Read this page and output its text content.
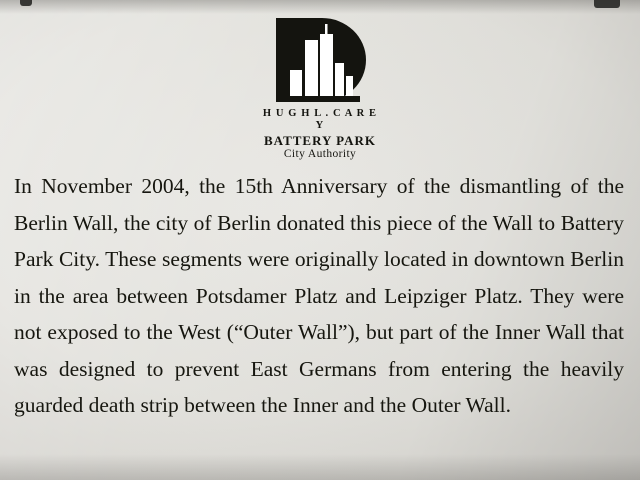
H U G H L . C A R E Y
BATTERY PARK
City Authority

In November 2004, the 15th Anniversary of the dismantling of the Berlin Wall, the city of Berlin donated this piece of the Wall to Battery Park City. These segments were originally located in downtown Berlin in the area between Potsdamer Platz and Leipziger Platz. They were not exposed to the West (“Outer Wall”), but part of the Inner Wall that was designed to prevent East Germans from entering the heavily guarded death strip between the Inner and the Outer Wall.
